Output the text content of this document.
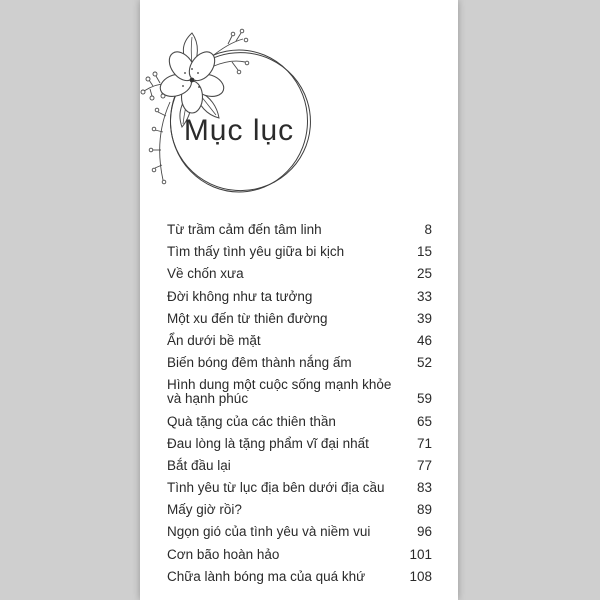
Mục lục
Từ trầm cảm đến tâm linh	8
Tìm thấy tình yêu giữa bi kịch	15
Về chốn xưa	25
Đời không như ta tưởng	33
Một xu đến từ thiên đường	39
Ẩn dưới bề mặt	46
Biến bóng đêm thành nắng ấm	52
Hình dung một cuộc sống mạnh khỏe và hạnh phúc	59
Quà tặng của các thiên thần	65
Đau lòng là tặng phẩm vĩ đại nhất	71
Bắt đầu lại	77
Tình yêu từ lục địa bên dưới địa cầu	83
Mấy giờ rồi?	89
Ngọn gió của tình yêu và niềm vui	96
Cơn bão hoàn hảo	101
Chữa lành bóng ma của quá khứ	108
